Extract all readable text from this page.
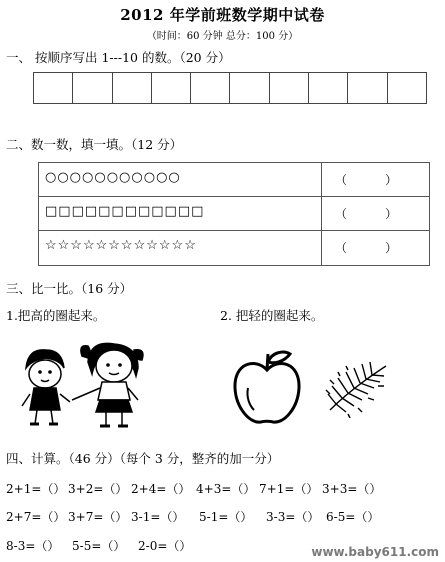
2012 年学前班数学期中试卷
（时间：60 分钟 总分：100 分）
一、 按顺序写出 1---10 的数。（20 分）
二、数一数，填一填。（12 分）
○○○○○○○○○○○	（          ）
□□□□□□□□□□□□	（          ）
☆☆☆☆☆☆☆☆☆☆☆☆	（          ）
三、比一比。（16 分）
1.把高的圈起来。	2. 把轻的圈起来。
四、计算。（46 分）（每个 3 分，整齐的加一分）
2+1=（） 3+2=（） 2+4=（） 4+3=（） 7+1=（） 3+3=（）
2+7=（） 3+7=（） 3-1=（） 5-1=（） 3-3=（） 6-5=（）
8-3=（） 5-5=（） 2-0=（）	www.baby611.com
